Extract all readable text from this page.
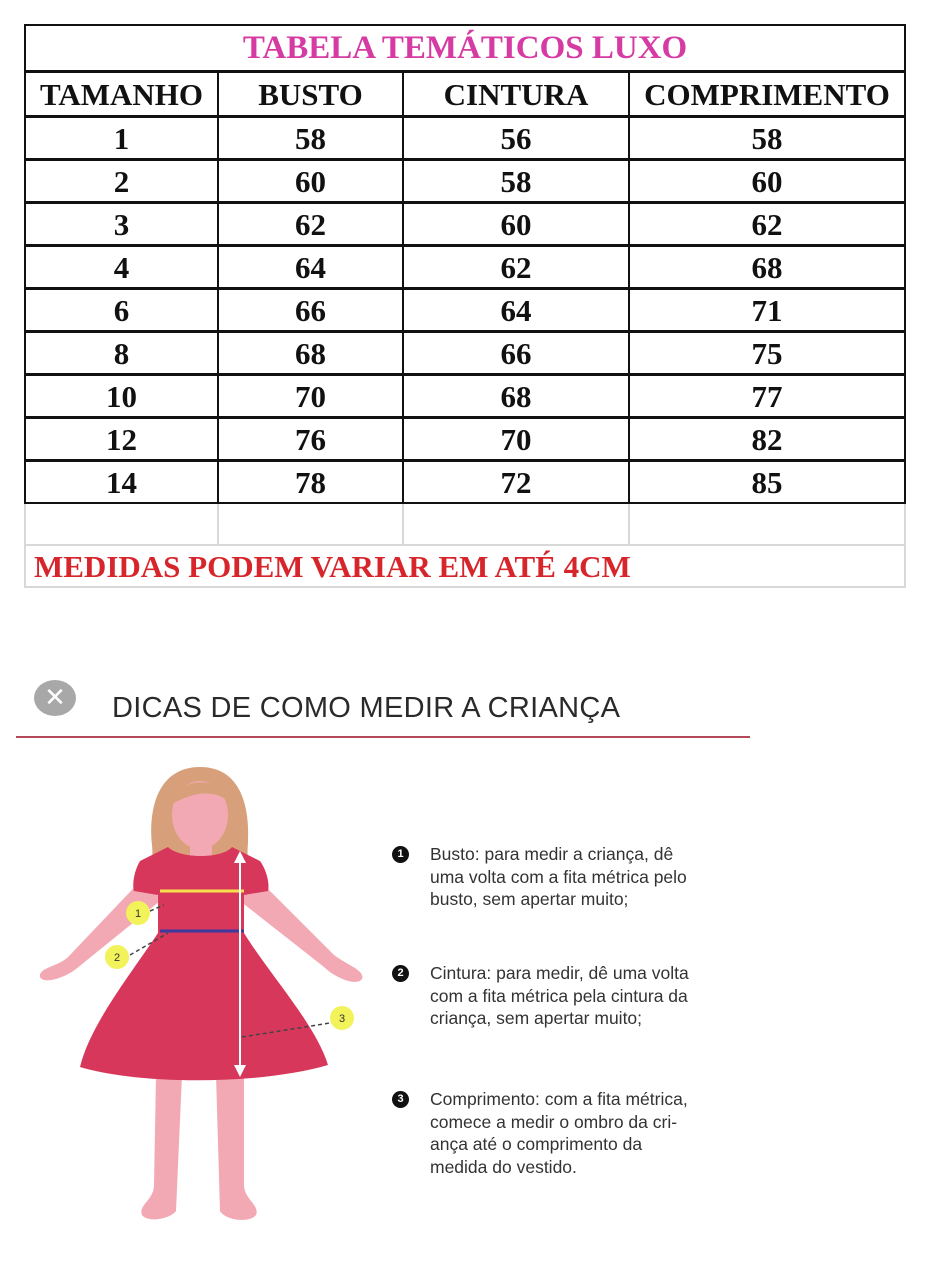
TABELA TEMÁTICOS LUXO			
TAMANHO	BUSTO	CINTURA	COMPRIMENTO
1	58	56	58
2	60	58	60
3	62	60	62
4	64	62	68
6	66	64	71
8	68	66	75
10	70	68	77
12	76	70	82
14	78	72	85

MEDIDAS PODEM VARIAR EM ATÉ 4CM			
✕	DICAS DE COMO MEDIR A CRIANÇA
1
2
3
1	Busto: para medir a criança, dê
uma volta com a fita métrica pelo
busto, sem apertar muito;
2	Cintura: para medir, dê uma volta
com a fita métrica pela cintura da
criança, sem apertar muito;
3	Comprimento: com a fita métrica,
comece a medir o ombro da cri-
ança até o comprimento da
medida do vestido.
